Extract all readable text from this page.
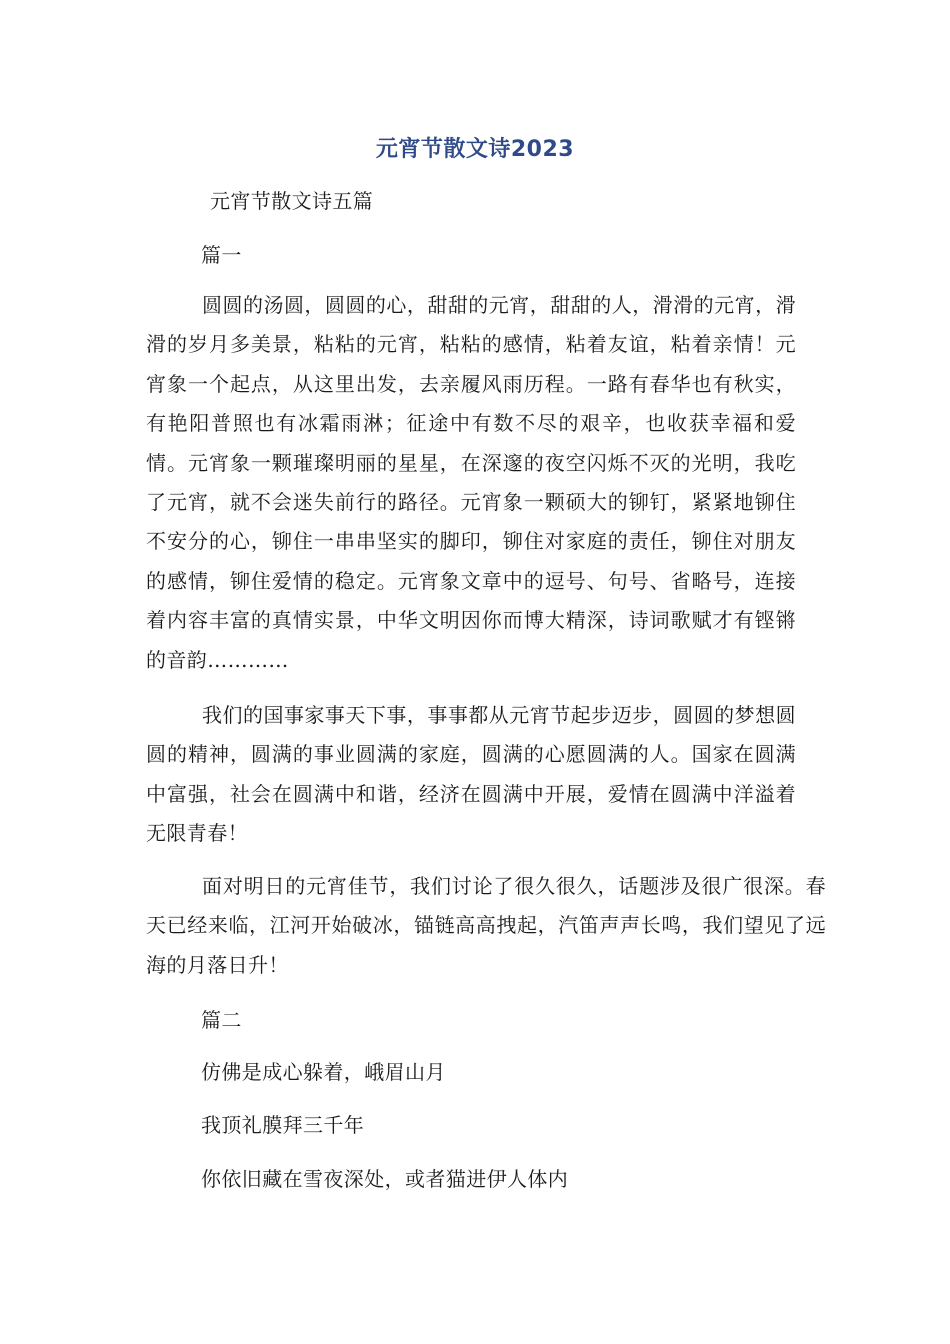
元宵节散文诗2023
元宵节散文诗五篇
篇一
圆圆的汤圆，圆圆的心，甜甜的元宵，甜甜的人，滑滑的元宵，滑滑的岁月多美景，粘粘的元宵，粘粘的感情，粘着友谊，粘着亲情！元宵象一个起点，从这里出发，去亲履风雨历程。一路有春华也有秋实，有艳阳普照也有冰霜雨淋；征途中有数不尽的艰辛，也收获幸福和爱情。元宵象一颗璀璨明丽的星星，在深邃的夜空闪烁不灭的光明，我吃了元宵，就不会迷失前行的路径。元宵象一颗硕大的铆钉，紧紧地铆住不安分的心，铆住一串串坚实的脚印，铆住对家庭的责任，铆住对朋友的感情，铆住爱情的稳定。元宵象文章中的逗号、句号、省略号，连接着内容丰富的真情实景，中华文明因你而博大精深，诗词歌赋才有铿锵的音韵…………
我们的国事家事天下事，事事都从元宵节起步迈步，圆圆的梦想圆圆的精神，圆满的事业圆满的家庭，圆满的心愿圆满的人。国家在圆满中富强，社会在圆满中和谐，经济在圆满中开展，爱情在圆满中洋溢着无限青春！
面对明日的元宵佳节，我们讨论了很久很久，话题涉及很广很深。春天已经来临，江河开始破冰，锚链高高拽起，汽笛声声长鸣，我们望见了远海的月落日升！
篇二
仿佛是成心躲着，峨眉山月
我顶礼膜拜三千年
你依旧藏在雪夜深处，或者猫进伊人体内
